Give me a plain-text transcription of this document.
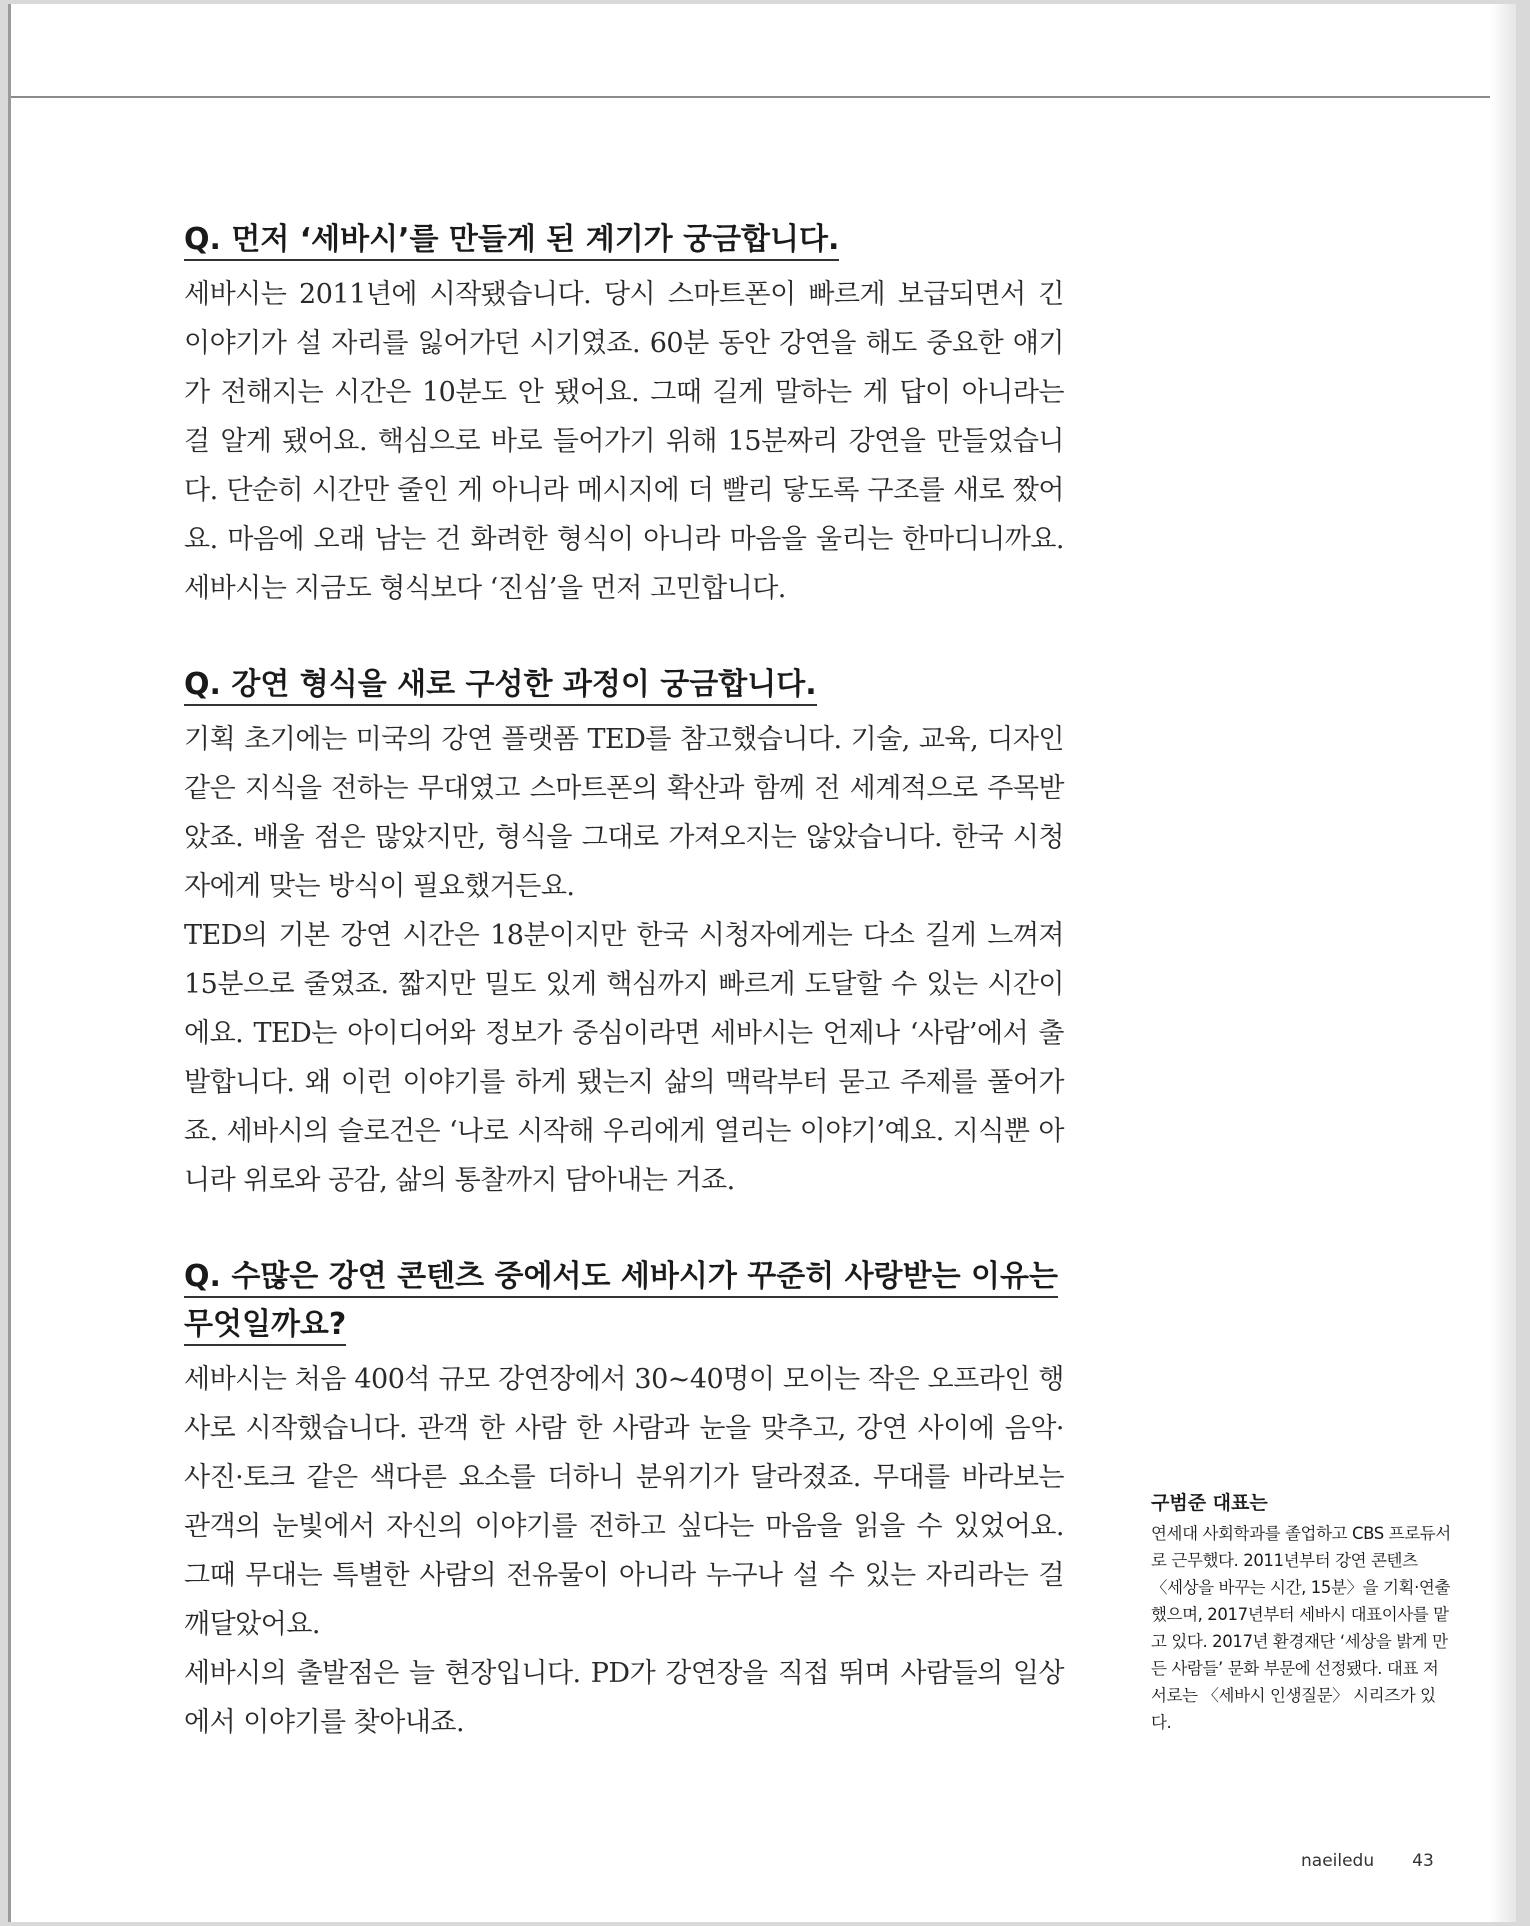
Q. 먼저 ‘세바시’를 만들게 된 계기가 궁금합니다.

세바시는 2011년에 시작됐습니다. 당시 스마트폰이 빠르게 보급되면서 긴 이야기가 설 자리를 잃어가던 시기였죠. 60분 동안 강연을 해도 중요한 얘기가 전해지는 시간은 10분도 안 됐어요. 그때 길게 말하는 게 답이 아니라는 걸 알게 됐어요. 핵심으로 바로 들어가기 위해 15분짜리 강연을 만들었습니다. 단순히 시간만 줄인 게 아니라 메시지에 더 빨리 닿도록 구조를 새로 짰어요. 마음에 오래 남는 건 화려한 형식이 아니라 마음을 울리는 한마디니까요. 세바시는 지금도 형식보다 ‘진심’을 먼저 고민합니다.

Q. 강연 형식을 새로 구성한 과정이 궁금합니다.

기획 초기에는 미국의 강연 플랫폼 TED를 참고했습니다. 기술, 교육, 디자인 같은 지식을 전하는 무대였고 스마트폰의 확산과 함께 전 세계적으로 주목받았죠. 배울 점은 많았지만, 형식을 그대로 가져오지는 않았습니다. 한국 시청자에게 맞는 방식이 필요했거든요.

TED의 기본 강연 시간은 18분이지만 한국 시청자에게는 다소 길게 느껴져 15분으로 줄였죠. 짧지만 밀도 있게 핵심까지 빠르게 도달할 수 있는 시간이에요. TED는 아이디어와 정보가 중심이라면 세바시는 언제나 ‘사람’에서 출발합니다. 왜 이런 이야기를 하게 됐는지 삶의 맥락부터 묻고 주제를 풀어가죠. 세바시의 슬로건은 ‘나로 시작해 우리에게 열리는 이야기’예요. 지식뿐 아니라 위로와 공감, 삶의 통찰까지 담아내는 거죠.

Q. 수많은 강연 콘텐츠 중에서도 세바시가 꾸준히 사랑받는 이유는 무엇일까요?

세바시는 처음 400석 규모 강연장에서 30~40명이 모이는 작은 오프라인 행사로 시작했습니다. 관객 한 사람 한 사람과 눈을 맞추고, 강연 사이에 음악·사진·토크 같은 색다른 요소를 더하니 분위기가 달라졌죠. 무대를 바라보는 관객의 눈빛에서 자신의 이야기를 전하고 싶다는 마음을 읽을 수 있었어요. 그때 무대는 특별한 사람의 전유물이 아니라 누구나 설 수 있는 자리라는 걸 깨달았어요.

세바시의 출발점은 늘 현장입니다. PD가 강연장을 직접 뛰며 사람들의 일상에서 이야기를 찾아내죠.

구범준 대표는
연세대 사회학과를 졸업하고 CBS 프로듀서로 근무했다. 2011년부터 강연 콘텐츠 〈세상을 바꾸는 시간, 15분〉을 기획·연출했으며, 2017년부터 세바시 대표이사를 맡고 있다. 2017년 환경재단 ‘세상을 밝게 만든 사람들’ 문화 부문에 선정됐다. 대표 저서로는 〈세바시 인생질문〉 시리즈가 있다.
naeiledu 43
